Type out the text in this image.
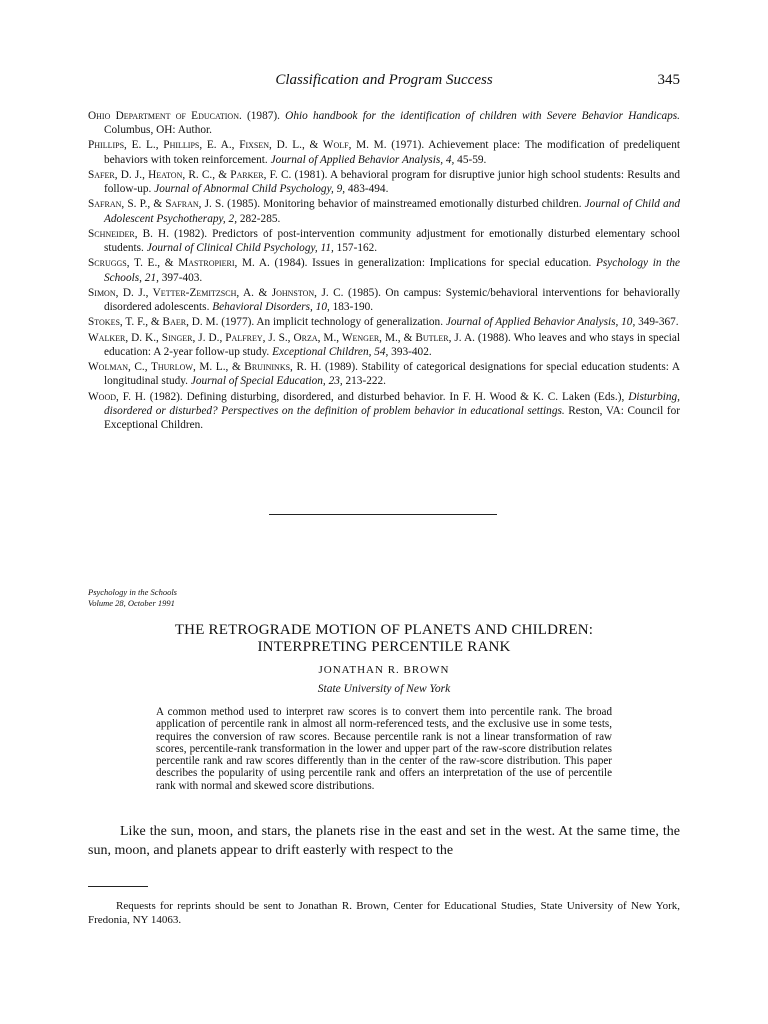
Classification and Program Success	345

Ohio Department of Education. (1987). Ohio handbook for the identification of children with Severe Behavior Handicaps. Columbus, OH: Author.

Phillips, E. L., Phillips, E. A., Fixsen, D. L., & Wolf, M. M. (1971). Achievement place: The modification of predeliquent behaviors with token reinforcement. Journal of Applied Behavior Analysis, 4, 45-59.

Safer, D. J., Heaton, R. C., & Parker, F. C. (1981). A behavioral program for disruptive junior high school students: Results and follow-up. Journal of Abnormal Child Psychology, 9, 483-494.

Safran, S. P., & Safran, J. S. (1985). Monitoring behavior of mainstreamed emotionally disturbed children. Journal of Child and Adolescent Psychotherapy, 2, 282-285.

Schneider, B. H. (1982). Predictors of post-intervention community adjustment for emotionally disturbed elementary school students. Journal of Clinical Child Psychology, 11, 157-162.

Scruggs, T. E., & Mastropieri, M. A. (1984). Issues in generalization: Implications for special education. Psychology in the Schools, 21, 397-403.

Simon, D. J., Vetter-Zemitzsch, A. & Johnston, J. C. (1985). On campus: Systemic/behavioral interventions for behaviorally disordered adolescents. Behavioral Disorders, 10, 183-190.

Stokes, T. F., & Baer, D. M. (1977). An implicit technology of generalization. Journal of Applied Behavior Analysis, 10, 349-367.

Walker, D. K., Singer, J. D., Palfrey, J. S., Orza, M., Wenger, M., & Butler, J. A. (1988). Who leaves and who stays in special education: A 2-year follow-up study. Exceptional Children, 54, 393-402.

Wolman, C., Thurlow, M. L., & Bruininks, R. H. (1989). Stability of categorical designations for special education students: A longitudinal study. Journal of Special Education, 23, 213-222.

Wood, F. H. (1982). Defining disturbing, disordered, and disturbed behavior. In F. H. Wood & K. C. Laken (Eds.), Disturbing, disordered or disturbed? Perspectives on the definition of problem behavior in educational settings. Reston, VA: Council for Exceptional Children.

Psychology in the Schools
Volume 28, October 1991
THE RETROGRADE MOTION OF PLANETS AND CHILDREN:
INTERPRETING PERCENTILE RANK
JONATHAN R. BROWN
State University of New York

A common method used to interpret raw scores is to convert them into percentile rank. The broad application of percentile rank in almost all norm-referenced tests, and the exclusive use in some tests, requires the conversion of raw scores. Because percentile rank is not a linear transformation of raw scores, percentile-rank transformation in the lower and upper part of the raw-score distribution relates percentile rank and raw scores differently than in the center of the raw-score distribution. This paper describes the popularity of using percentile rank and offers an interpretation of the use of percentile rank with normal and skewed score distributions.

Like the sun, moon, and stars, the planets rise in the east and set in the west. At the same time, the sun, moon, and planets appear to drift easterly with respect to the

Requests for reprints should be sent to Jonathan R. Brown, Center for Educational Studies, State University of New York, Fredonia, NY 14063.
